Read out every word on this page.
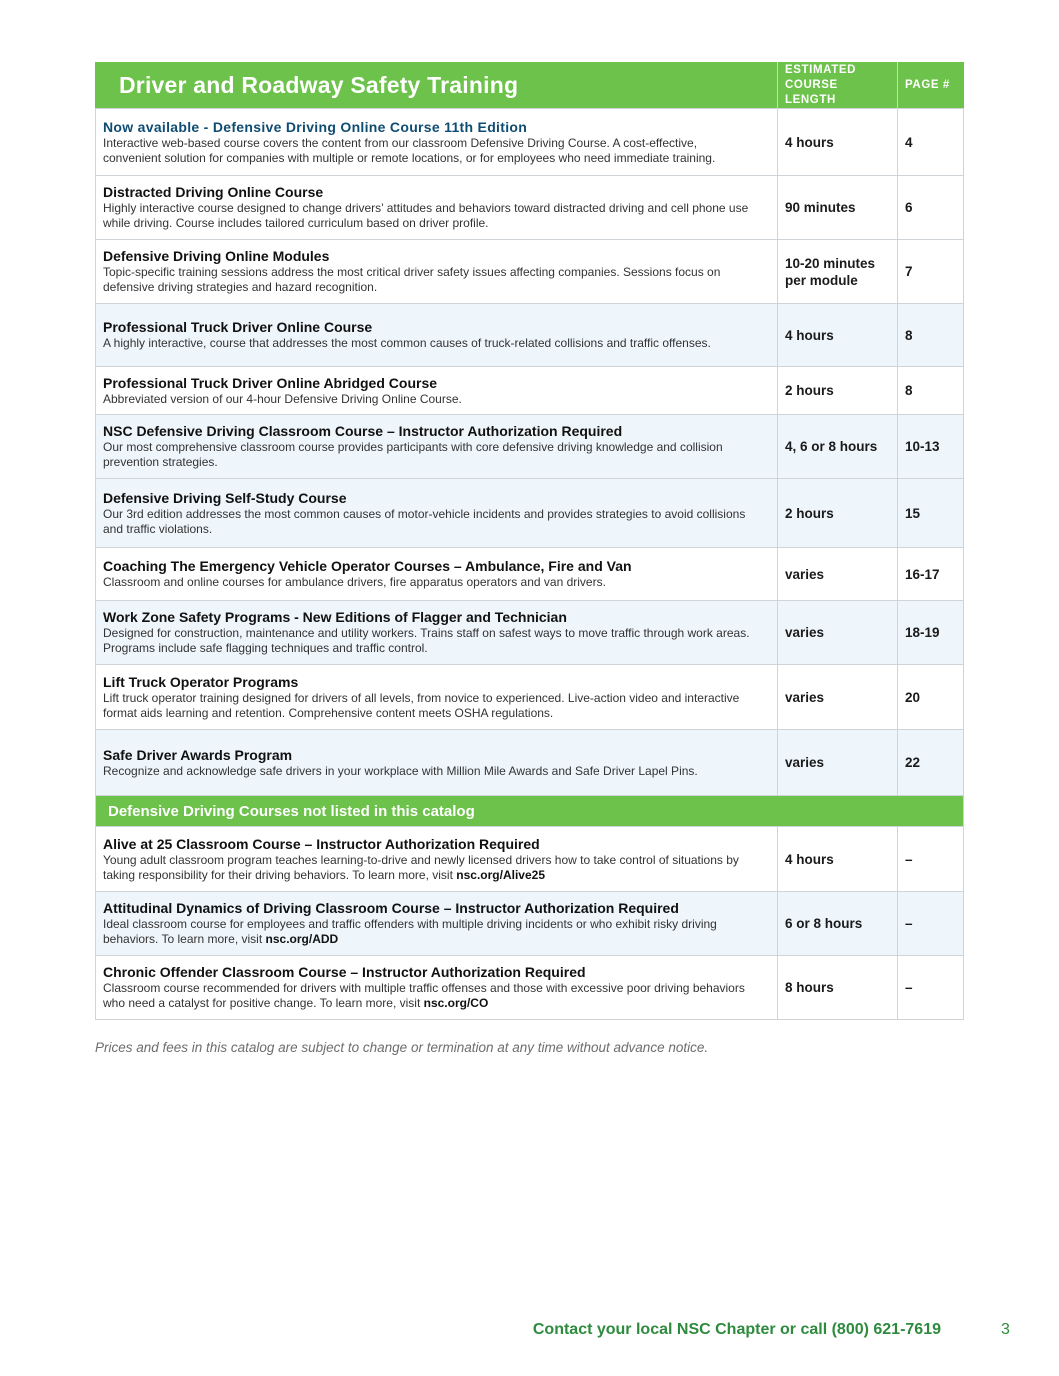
Driver and Roadway Safety Training	ESTIMATED COURSE LENGTH	PAGE #

Now available - Defensive Driving Online Course 11th Edition
Interactive web-based course covers the content from our classroom Defensive Driving Course. A cost-effective, convenient solution for companies with multiple or remote locations, or for employees who need immediate training.	4 hours	4

Distracted Driving Online Course
Highly interactive course designed to change drivers’ attitudes and behaviors toward distracted driving and cell phone use while driving. Course includes tailored curriculum based on driver profile.	90 minutes	6

Defensive Driving Online Modules
Topic-specific training sessions address the most critical driver safety issues affecting companies. Sessions focus on defensive driving strategies and hazard recognition.	10-20 minutes per module	7

Professional Truck Driver Online Course
A highly interactive, course that addresses the most common causes of truck-related collisions and traffic offenses.	4 hours	8

Professional Truck Driver Online Abridged Course
Abbreviated version of our 4-hour Defensive Driving Online Course.	2 hours	8

NSC Defensive Driving Classroom Course – Instructor Authorization Required
Our most comprehensive classroom course provides participants with core defensive driving knowledge and collision prevention strategies.	4, 6 or 8 hours	10-13

Defensive Driving Self-Study Course
Our 3rd edition addresses the most common causes of motor-vehicle incidents and provides strategies to avoid collisions and traffic violations.	2 hours	15

Coaching The Emergency Vehicle Operator Courses – Ambulance, Fire and Van
Classroom and online courses for ambulance drivers, fire apparatus operators and van drivers.	varies	16-17

Work Zone Safety Programs - New Editions of Flagger and Technician
Designed for construction, maintenance and utility workers. Trains staff on safest ways to move traffic through work areas. Programs include safe flagging techniques and traffic control.	varies	18-19

Lift Truck Operator Programs
Lift truck operator training designed for drivers of all levels, from novice to experienced. Live-action video and interactive format aids learning and retention. Comprehensive content meets OSHA regulations.	varies	20

Safe Driver Awards Program
Recognize and acknowledge safe drivers in your workplace with Million Mile Awards and Safe Driver Lapel Pins.	varies	22
Defensive Driving Courses not listed in this catalog		

Alive at 25 Classroom Course – Instructor Authorization Required
Young adult classroom program teaches learning-to-drive and newly licensed drivers how to take control of situations by taking responsibility for their driving behaviors. To learn more, visit nsc.org/Alive25	4 hours	–

Attitudinal Dynamics of Driving Classroom Course – Instructor Authorization Required
Ideal classroom course for employees and traffic offenders with multiple driving incidents or who exhibit risky driving behaviors. To learn more, visit nsc.org/ADD	6 or 8 hours	–

Chronic Offender Classroom Course – Instructor Authorization Required
Classroom course recommended for drivers with multiple traffic offenses and those with excessive poor driving behaviors who need a catalyst for positive change. To learn more, visit nsc.org/CO	8 hours	–
Prices and fees in this catalog are subject to change or termination at any time without advance notice.
Contact your local NSC Chapter or call (800) 621-7619	3
